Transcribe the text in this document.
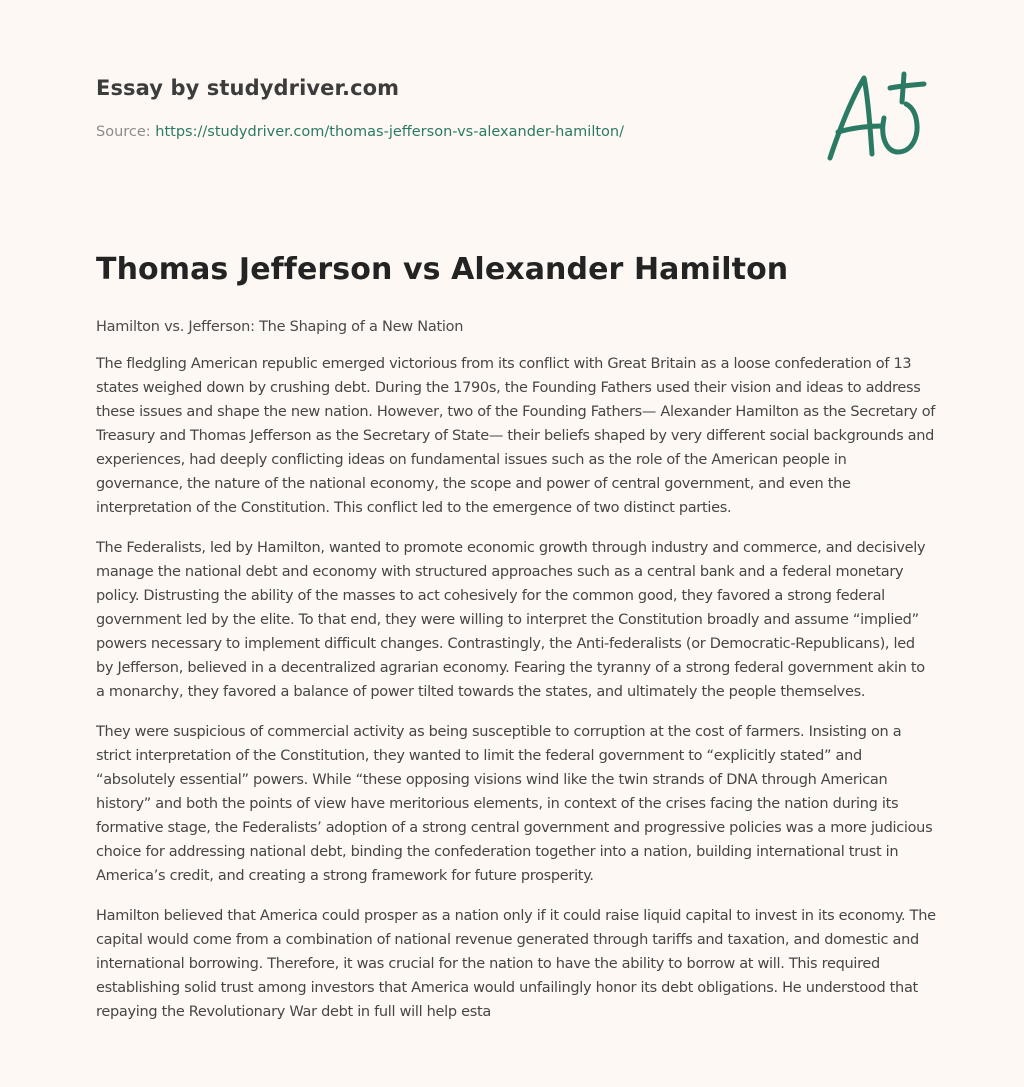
Essay by studydriver.com
Source: https://studydriver.com/thomas-jefferson-vs-alexander-hamilton/
Thomas Jefferson vs Alexander Hamilton

Hamilton vs. Jefferson: The Shaping of a New Nation

The fledgling American republic emerged victorious from its conflict with Great Britain as a loose confederation of 13 states weighed down by crushing debt. During the 1790s, the Founding Fathers used their vision and ideas to address these issues and shape the new nation. However, two of the Founding Fathers— Alexander Hamilton as the Secretary of Treasury and Thomas Jefferson as the Secretary of State— their beliefs shaped by very different social backgrounds and experiences, had deeply conflicting ideas on fundamental issues such as the role of the American people in governance, the nature of the national economy, the scope and power of central government, and even the interpretation of the Constitution. This conflict led to the emergence of two distinct parties.

The Federalists, led by Hamilton, wanted to promote economic growth through industry and commerce, and decisively manage the national debt and economy with structured approaches such as a central bank and a federal monetary policy. Distrusting the ability of the masses to act cohesively for the common good, they favored a strong federal government led by the elite. To that end, they were willing to interpret the Constitution broadly and assume “implied” powers necessary to implement difficult changes. Contrastingly, the Anti-federalists (or Democratic-Republicans), led by Jefferson, believed in a decentralized agrarian economy. Fearing the tyranny of a strong federal government akin to a monarchy, they favored a balance of power tilted towards the states, and ultimately the people themselves.

They were suspicious of commercial activity as being susceptible to corruption at the cost of farmers. Insisting on a strict interpretation of the Constitution, they wanted to limit the federal government to “explicitly stated” and “absolutely essential” powers. While “these opposing visions wind like the twin strands of DNA through American history” and both the points of view have meritorious elements, in context of the crises facing the nation during its formative stage, the Federalists’ adoption of a strong central government and progressive policies was a more judicious choice for addressing national debt, binding the confederation together into a nation, building international trust in America’s credit, and creating a strong framework for future prosperity.

Hamilton believed that America could prosper as a nation only if it could raise liquid capital to invest in its economy. The capital would come from a combination of national revenue generated through tariffs and taxation, and domestic and international borrowing. Therefore, it was crucial for the nation to have the ability to borrow at will. This required establishing solid trust among investors that America would unfailingly honor its debt obligations. He understood that repaying the Revolutionary War debt in full will help esta
